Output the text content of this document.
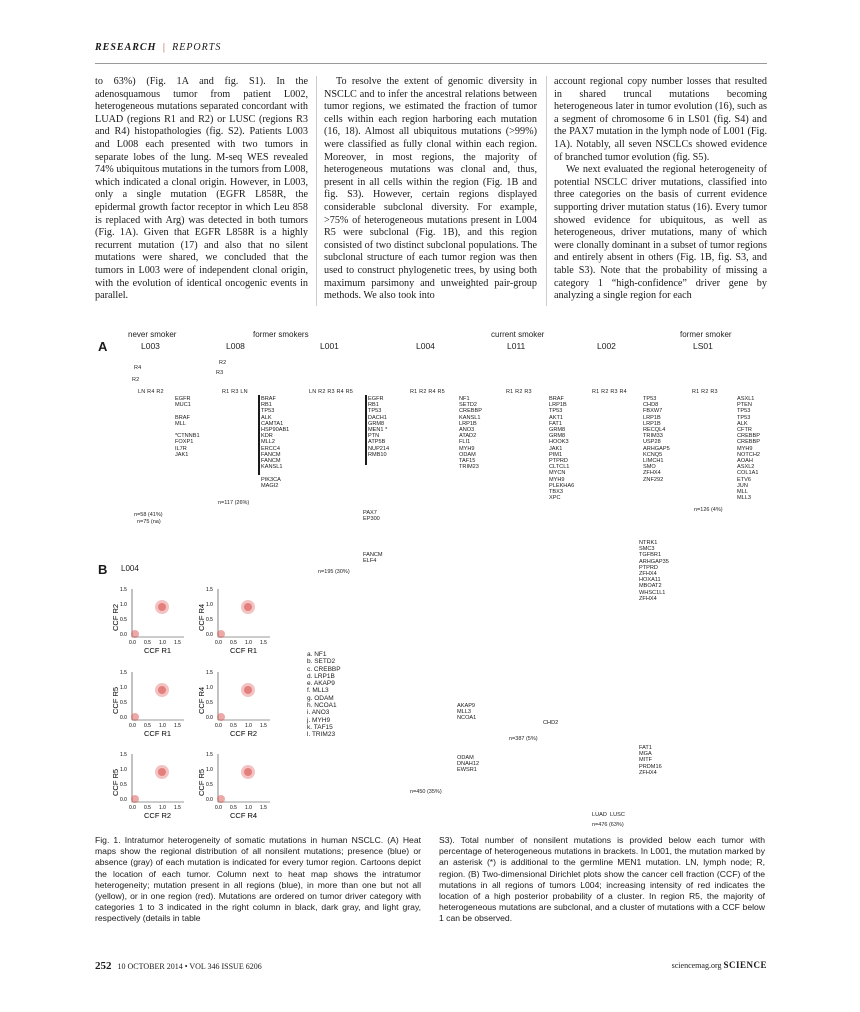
RESEARCH | REPORTS

to 63%) (Fig. 1A and fig. S1). In the adenosquamous tumor from patient L002, heterogeneous mutations separated concordant with LUAD (regions R1 and R2) or LUSC (regions R3 and R4) histopathologies (fig. S2). Patients L003 and L008 each presented with two tumors in separate lobes of the lung. M-seq WES revealed 74% ubiquitous mutations in the tumors from L008, which indicated a clonal origin. However, in L003, only a single mutation (EGFR L858R, the epidermal growth factor receptor in which Leu 858 is replaced with Arg) was detected in both tumors (Fig. 1A). Given that EGFR L858R is a highly recurrent mutation (17) and also that no silent mutations were shared, we concluded that the tumors in L003 were of independent clonal origin, with the evolution of identical oncogenic events in parallel.

To resolve the extent of genomic diversity in NSCLC and to infer the ancestral relations between tumor regions, we estimated the fraction of tumor cells within each region harboring each mutation (16, 18). Almost all ubiquitous mutations (>99%) were classified as fully clonal within each region. Moreover, in most regions, the majority of heterogeneous mutations was clonal and, thus, present in all cells within the region (Fig. 1B and fig. S3). However, certain regions displayed considerable subclonal diversity. For example, >75% of heterogeneous mutations present in L004 R5 were subclonal (Fig. 1B), and this region consisted of two distinct subclonal populations. The subclonal structure of each tumor region was then used to construct phylogenetic trees, by using both maximum parsimony and unweighted pair-group methods. We also took into

account regional copy number losses that resulted in shared truncal mutations becoming heterogeneous later in tumor evolution (16), such as a segment of chromosome 6 in LS01 (fig. S4) and the PAX7 mutation in the lymph node of L001 (Fig. 1A). Notably, all seven NSCLCs showed evidence of branched tumor evolution (fig. S5).

We next evaluated the regional heterogeneity of potential NSCLC driver mutations, classified into three categories on the basis of current evidence supporting driver mutation status (16). Every tumor showed evidence for ubiquitous, as well as heterogeneous, driver mutations, many of which were clonally dominant in a subset of tumor regions and entirely absent in others (Fig. 1B, fig. S3, and table S3). Note that the probability of missing a category 1 “high-confidence” driver gene by analyzing a single region for each

A
never smoker	former smokers	current smoker	former smoker
L003	L008	L001	L004	L011	L002	LS01
R4
R2
R2
R3
LN R4 R2	R1 R3 LN	LN R2 R3 R4 R5	R1 R2 R4 R5	R1 R2 R3	R1 R2 R3 R4	R1 R2 R3
EGFR
MUC1

BRAF
MLL

*CTNNB1
FOXP1
IL7R
JAK1
BRAF
RB1
TP53
ALK
CAMTA1
HSP90AB1
KDR
MLL2
ERCC4
FANCM
FANCM
KANSL1

PIK3CA
MAGI2
EGFR
RB1
TP53
DACH1
GRM8
MEN1 *
PTN
ATP5B
NUP214
RMB10
PAX7
EP300
FANCM
ELF4
NF1
SETD2
CREBBP
KANSL1
LRP1B
ANO3
ATAD2
FLI1
MYH9
ODAM
TAF15
TRIM23
AKAP9
MLL3
NCOA1
ODAM
DNAH12
EWSR1
BRAF
LRP1B
TP53
AKT1
FAT1
GRM8
GRM8
HOOK3
JAK1
PIM1
PTPRD
CLTCL1
MYCN
MYH9
PLEKHA6
TBX3
XPC
CHD2
TP53
CHD8
FBXW7
LRP1B
LRP1B
RECQL4
TRIM33
USP28
ARHGAP5
KCNQ5
LIMCH1
SMO
ZFHX4
ZNF292
NTRK1
SMC3
TGFBR1
ARHGAP35
PTPRD
ZFHX4
HOXA11
MBOAT2
WHSC1L1
ZFHX4
FAT1
MGA
MITF
PRDM16
ZFHX4
LUAD  LUSC
ASXL1
PTEN
TP53
TP53
ALK
CFTR
CREBBP
CREBBP
MYH9
NOTCH2
AOAH
ASXL2
COL1A1
ETV6
JUN
MLL
MLL3
n=58 (41%)
n=75 (na)
n=117 (26%)
n=195 (30%)
n=450 (35%)
n=387 (5%)
n=476 (63%)
n=126 (4%)
B L004
1.5
1.0
0.5
0.0
0.0 0.5 1.0 1.5
CCF R1
CCF R2
1.5
1.0
0.5
0.0
0.0 0.5 1.0 1.5
CCF R1
CCF R4
1.5
1.0
0.5
0.0
0.0 0.5 1.0 1.5
CCF R1
CCF R5
1.5
1.0
0.5
0.0
0.0 0.5 1.0 1.5
CCF R2
CCF R4
1.5
1.0
0.5
0.0
0.0 0.5 1.0 1.5
CCF R2
CCF R5
1.5
1.0
0.5
0.0
0.0 0.5 1.0 1.5
CCF R4
CCF R5
a. NF1
b. SETD2
c. CREBBP
d. LRP1B
e. AKAP9
f. MLL3
g. ODAM
h. NCOA1
i. ANO3
j. MYH9
k. TAF15
l. TRIM23

Fig. 1. Intratumor heterogeneity of somatic mutations in human NSCLC. (A) Heat maps show the regional distribution of all nonsilent mutations; presence (blue) or absence (gray) of each mutation is indicated for every tumor region. Cartoons depict the location of each tumor. Column next to heat map shows the intratumor heterogeneity; mutation present in all regions (blue), in more than one but not all (yellow), or in one region (red). Mutations are ordered on tumor driver category with categories 1 to 3 indicated in the right column in black, dark gray, and light gray, respectively (details in table

S3). Total number of nonsilent mutations is provided below each tumor with percentage of heterogeneous mutations in brackets. In L001, the mutation marked by an asterisk (*) is additional to the germline MEN1 mutation. LN, lymph node; R, region. (B) Two-dimensional Dirichlet plots show the cancer cell fraction (CCF) of the mutations in all regions of tumors L004; increasing intensity of red indicates the location of a high posterior probability of a cluster. In region R5, the majority of heterogeneous mutations are subclonal, and a cluster of mutations with a CCF below 1 can be observed.

252 10 OCTOBER 2014 • VOL 346 ISSUE 6206	sciencemag.org SCIENCE
